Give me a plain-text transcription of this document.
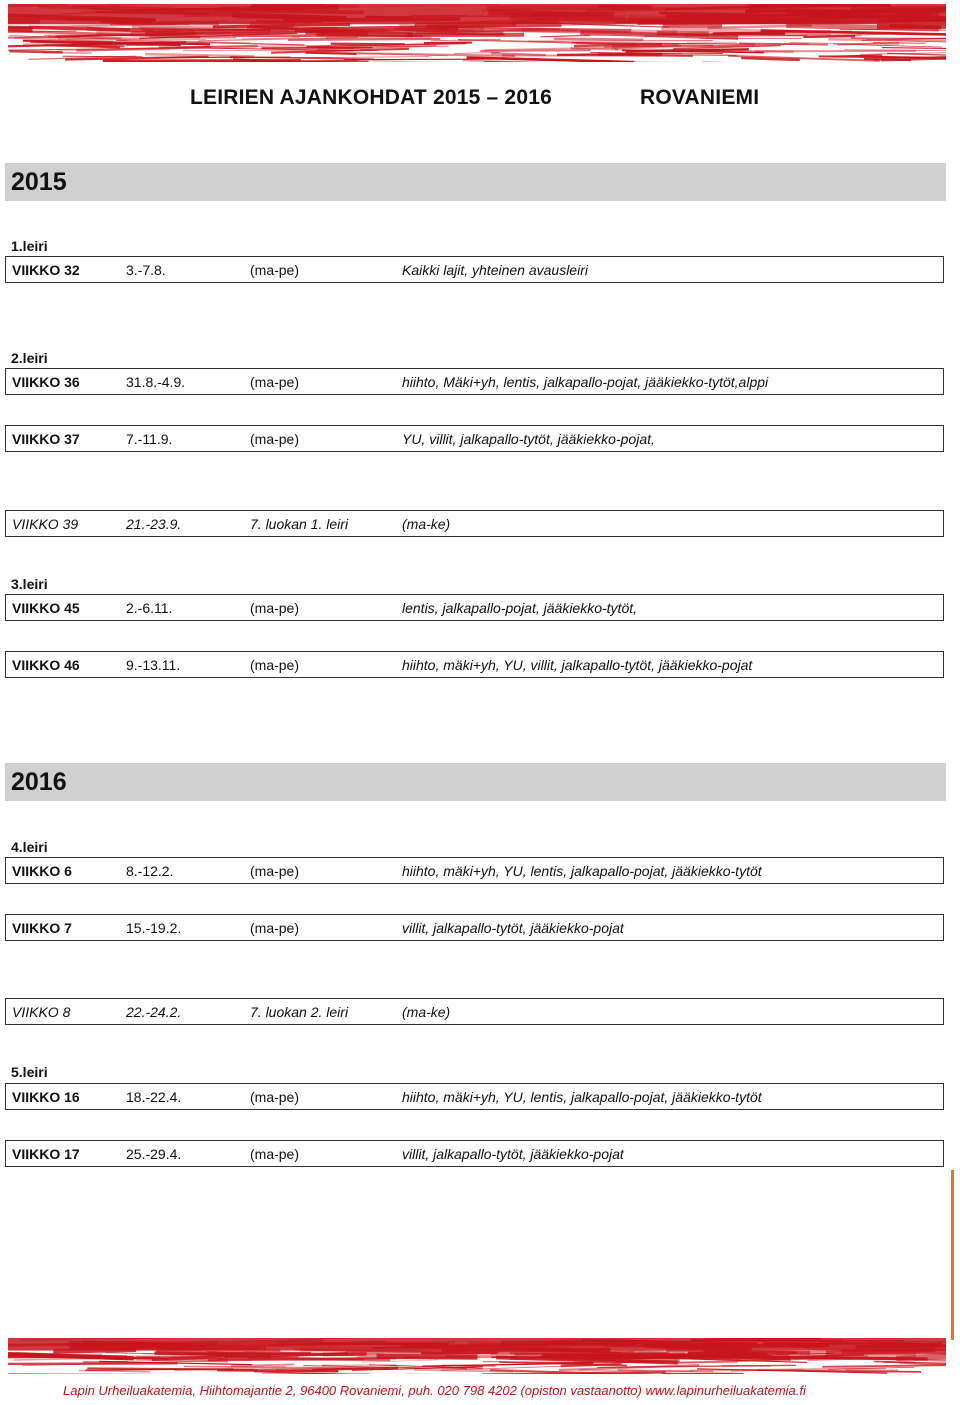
LEIRIEN AJANKOHDAT 2015 – 2016	ROVANIEMI
2015
1.leiri
VIIKKO 32	3.-7.8.	(ma-pe)	Kaikki lajit, yhteinen avausleiri
2.leiri
VIIKKO 36	31.8.-4.9.	(ma-pe)	hiihto, Mäki+yh, lentis, jalkapallo-pojat, jääkiekko-tytöt,alppi
VIIKKO 37	7.-11.9.	(ma-pe)	YU, villit, jalkapallo-tytöt, jääkiekko-pojat,
VIIKKO 39	21.-23.9.	7. luokan 1. leiri	(ma-ke)
3.leiri
VIIKKO 45	2.-6.11.	(ma-pe)	lentis, jalkapallo-pojat, jääkiekko-tytöt,
VIIKKO 46	9.-13.11.	(ma-pe)	hiihto, mäki+yh, YU, villit, jalkapallo-tytöt, jääkiekko-pojat
2016
4.leiri
VIIKKO 6	8.-12.2.	(ma-pe)	hiihto, mäki+yh, YU, lentis, jalkapallo-pojat, jääkiekko-tytöt
VIIKKO 7	15.-19.2.	(ma-pe)	villit, jalkapallo-tytöt, jääkiekko-pojat
VIIKKO 8	22.-24.2.	7. luokan 2. leiri	(ma-ke)
5.leiri
VIIKKO 16	18.-22.4.	(ma-pe)	hiihto, mäki+yh, YU, lentis, jalkapallo-pojat, jääkiekko-tytöt
VIIKKO 17	25.-29.4.	(ma-pe)	villit, jalkapallo-tytöt, jääkiekko-pojat
Lapin Urheiluakatemia, Hiihtomajantie 2, 96400 Rovaniemi, puh. 020 798 4202 (opiston vastaanotto) www.lapinurheiluakatemia.fi
